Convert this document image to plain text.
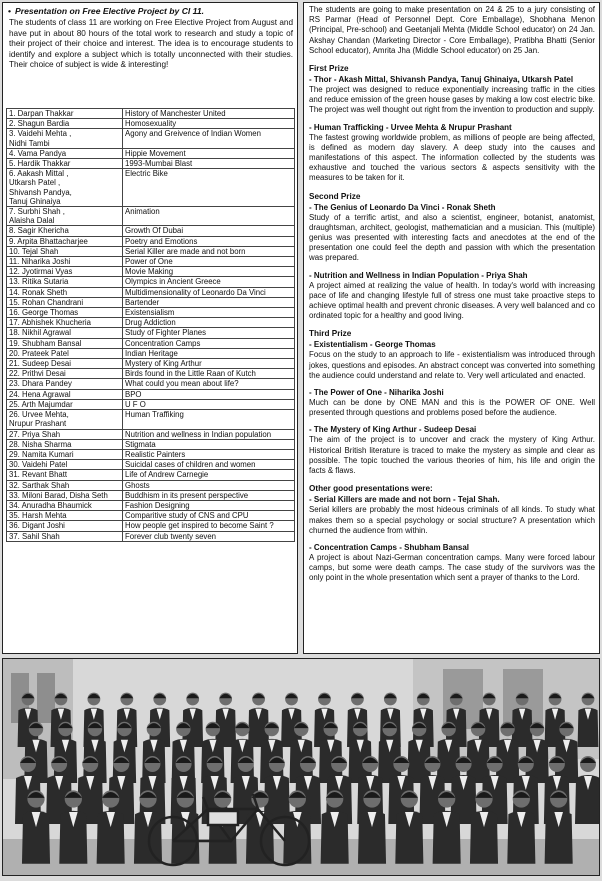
• Presentation on Free Elective Project by Cl 11.
The students of class 11 are working on Free Elective Project from August and have put in about 80 hours of the total work to research and study a topic of their project of their choice and interest. The idea is to encourage students to identify and explore a subject which is totally unconnected with their studies. Their choice of subject is wide & interesting!
1. Darpan Thakkar	History of Manchester United
2. Shagun Bardia	Homosexuality
3. Vaidehi Mehta ,
Nidhi Tambi	Agony and Greivence of Indian Women
4. Vama Pandya	Hippie Movement
5. Hardik Thakkar	1993-Mumbai Blast
6. Aakash Mittal ,
Utkarsh Patel ,
Shivansh Pandya,
Tanuj Ghinaiya	Electric Bike
7. Surbhi Shah ,
Alaisha Dalal	Animation
8. Sagir Khericha	Growth Of Dubai
9. Arpita Bhattacharjee	Poetry and Emotions
10. Tejal Shah	Serial Killer are made and not born
11. Niharika Joshi	Power of One
12. Jyotirmai Vyas	Movie Making
13. Ritika Sutaria	Olympics in Ancient Greece
14. Ronak Sheth	Multidimensionality of Leonardo Da Vinci
15. Rohan Chandrani	Bartender
16. George Thomas	Existensialism
17. Abhishek Khucheria	Drug Addiction
18. Nikhil Agrawal	Study of Fighter Planes
19. Shubham Bansal	Concentration Camps
20. Prateek Patel	Indian Heritage
21. Sudeep Desai	Mystery of King Arthur
22. Prithvi Desai	Birds found in the Little Raan of Kutch
23. Dhara Pandey	What could you mean about life?
24. Hena Agrawal	BPO
25. Arth Majumdar	U F O
26. Urvee Mehta,
Nrupur Prashant	Human Traffiking
27. Priya Shah	Nutrition and wellness in Indian population
28. Nisha Sharma	Stigmata
29. Namita Kumari	Realistic Painters
30. Vaidehi Patel	Suicidal cases of children and women
31. Revant Bhatt	Life of Andrew Carnegie
32. Sarthak Shah	Ghosts
33. Miloni Barad, Disha Seth	Buddhism in its present perspective
34. Anuradha Bhaumick	Fashion Designing
35. Harsh Mehta	Comparitive study of CNS and CPU
36. Digant Joshi	How people get inspired to become Saint ?
37. Sahil Shah	Forever club twenty seven
The students are going to make presentation on 24 & 25 to a jury consisting of RS Parmar (Head of Personnel Dept. Core Emballage), Shobhana Menon (Principal, Pre-school) and Geetanjali Mehta (Middle School educator) on 24 Jan. Akshay Chandan (Marketing Director - Core Emballage), Pratibha Bhatti (Senior School educator), Amrita Jha (Middle School educator) on 25 Jan.
First Prize
- Thor - Akash Mittal, Shivansh Pandya, Tanuj Ghinaiya, Utkarsh Patel
The project was designed to reduce exponentially increasing traffic in the cities and reduce emission of the green house gases by making a low cost electric bike. The project was well thought out right from the invention to production and supply.
- Human Trafficking - Urvee Mehta & Nrupur Prashant
The fastest growing worldwide problem, as millions of people are being affected, is defined as modern day slavery. A deep study into the causes and manifestations of this aspect. The information collected by the students was exhaustive and touched the various sectors & aspects sensitivity with the measures to be taken for it.
Second Prize
- The Genius of Leonardo Da Vinci - Ronak Sheth
Study of a terrific artist, and also a scientist, engineer, botanist, anatomist, draughtsman, architect, geologist, mathematician and a musician. This (multiple) genius was presented with interesting facts and anecdotes at the end of the presentation one could feel the depth and passion with which the presentation was prepared.
- Nutrition and Wellness in Indian Population - Priya Shah
A project aimed at realizing the value of health. In today's world with increasing pace of life and changing lifestyle full of stress one must take proactive steps to achieve optimal health and prevent chronic diseases. A very well balanced and co ordinated topic for a healthy and good living.
Third Prize
- Existentialism - George Thomas
Focus on the study to an approach to life - existentialism was introduced through jokes, questions and episodes. An abstract concept was converted into something the audience could understand and relate to. Very well articulated and enacted.
- The Power of One - Niharika Joshi
Much can be done by ONE MAN and this is the POWER OF ONE. Well presented through questions and problems posed before the audience.
- The Mystery of King Arthur - Sudeep Desai
The aim of the project is to uncover and crack the mystery of King Arthur. Historical British literature is traced to make the mystery as simple and clear as possible. The topic touched the various theories of him, his life and origin the facts & flaws.
Other good presentations were:
- Serial Killers are made and not born - Tejal Shah.
Serial killers are probably the most hideous criminals of all kinds. To study what makes them so a special psychology or social structure? A presentation which churned the audience from within.
- Concentration Camps - Shubham Bansal
A project is about Nazi-German concentration camps. Many were forced labour camps, but some were death camps. The case study of the survivors was the only point in the whole presentation which sent a prayer of thanks to the Lord.
